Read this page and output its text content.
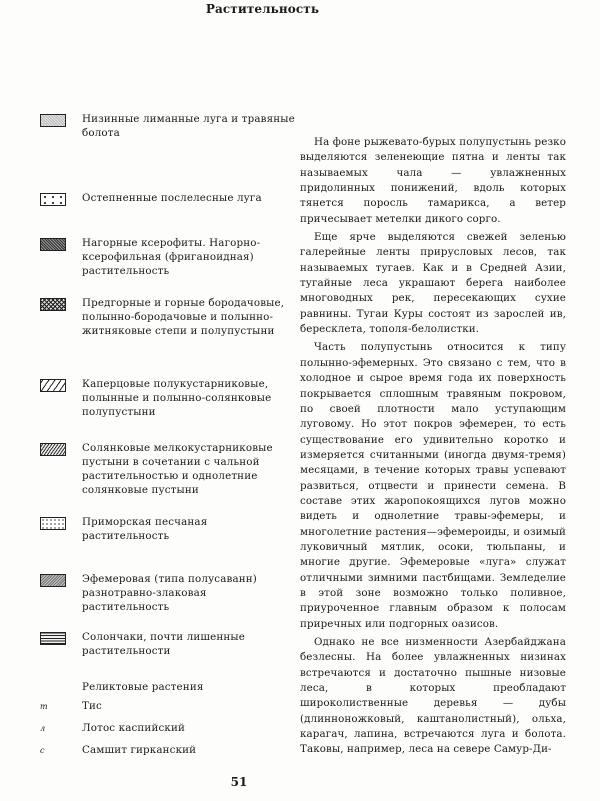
Растительность
Низинные лиманные луга и травяные болота
Остепненные послелесные луга
Нагорные ксерофиты. Нагорно-ксерофильная (фриганоидная) растительность
Предгорные и горные бородачовые, полынно-бородачовые и полынно-житняковые степи и полупустыни
Каперцовые полукустарниковые, полынные и полынно-солянковые полупустыни
Солянковые мелкокустарниковые пустыни в сочетании с чальной растительностью и однолетние солянковые пустыни
Приморская песчаная растительность
Эфемеровая (типа полусаванн) разнотравно-злаковая растительность
Солончаки, почти лишенные растительности
Реликтовые растения
т	Тис
л	Лотос каспийский
с	Самшит гирканский

На фоне рыжевато-бурых полупустынь резко выделяются зеленеющие пятна и ленты так называемых чала — увлажненных придолинных понижений, вдоль которых тянется поросль тамарикса, а ветер причесывает метелки дикого сорго.

Еще ярче выделяются свежей зеленью галерейные ленты прирусловых лесов, так называемых тугаев. Как и в Средней Азии, тугайные леса украшают берега наиболее многоводных рек, пересекающих сухие равнины. Тугаи Куры состоят из зарослей ив, бересклета, тополя-белолистки.

Часть полупустынь относится к типу полынно-эфемерных. Это связано с тем, что в холодное и сырое время года их поверхность покрывается сплошным травяным покровом, по своей плотности мало уступающим луговому. Но этот покров эфемерен, то есть существование его удивительно коротко и измеряется считанными (иногда двумя-тремя) месяцами, в течение которых травы успевают развиться, отцвести и принести семена. В составе этих жаропокоящихся лугов можно видеть и однолетние травы-эфемеры, и многолетние растения—эфемероиды, и озимый луковичный мятлик, осоки, тюльпаны, и многие другие. Эфемеровые «луга» служат отличными зимними пастбищами. Земледелие в этой зоне возможно только поливное, приуроченное главным образом к полосам приречных или подгорных оазисов.

Однако не все низменности Азербайджана безлесны. На более увлажненных низинах встречаются и достаточно пышные низовые леса, в которых преобладают широколиственные деревья — дубы (длинноножковый, каштанолистный), ольха, карагач, лапина, встречаются луга и болота. Таковы, например, леса на севере Самур-Ди-

51
